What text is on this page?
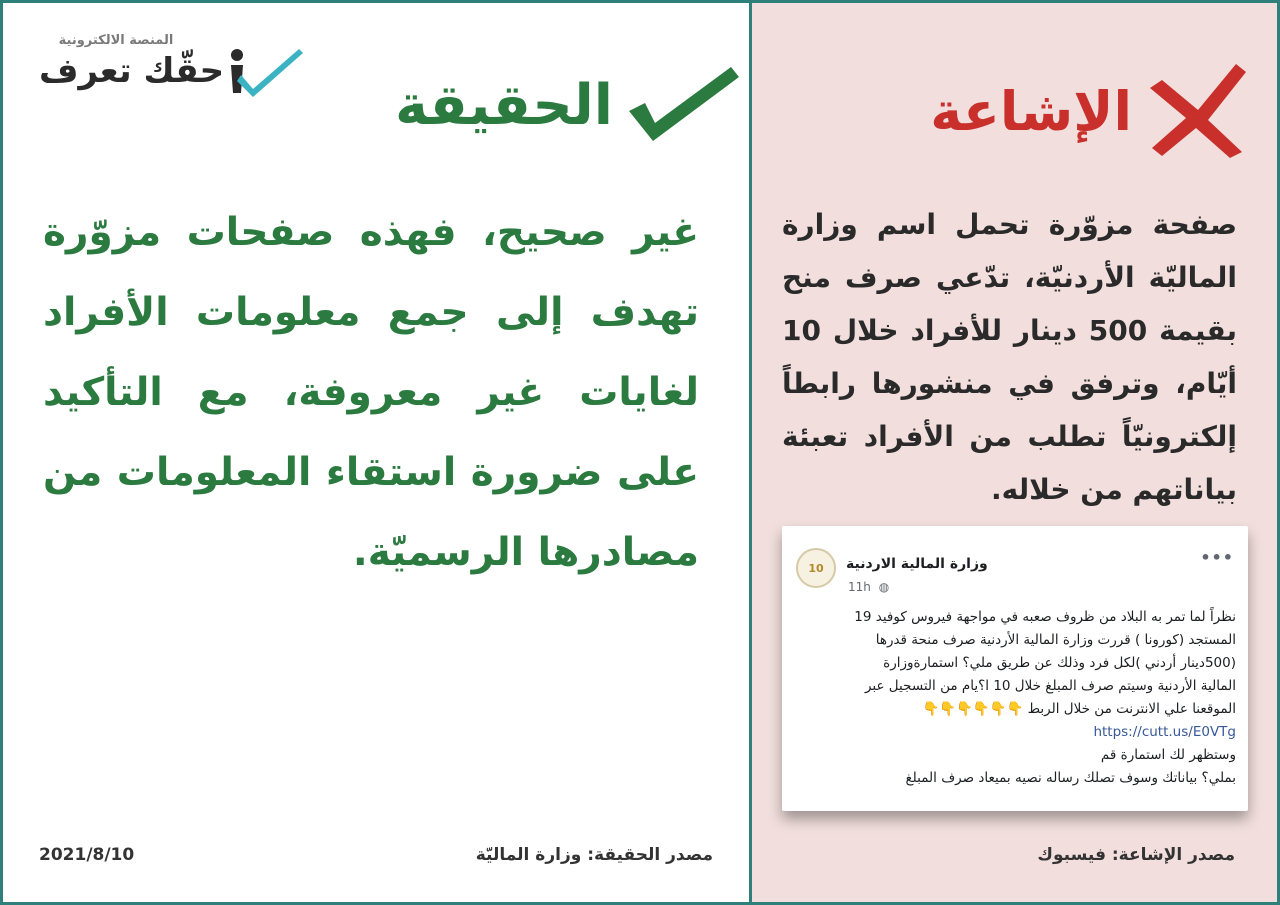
المنصة الالكترونية
حقّك تعرف
الحقيقة
غير صحيح، فهذه صفحات مزوّرة تهدف إلى جمع معلومات الأفراد لغايات غير معروفة، مع التأكيد على ضرورة استقاء المعلومات من مصادرها الرسميّة.
مصدر الحقيقة: وزارة الماليّة
2021/8/10
الإشاعة
صفحة مزوّرة تحمل اسم وزارة الماليّة الأردنيّة، تدّعي صرف منح بقيمة 500 دينار للأفراد خلال 10 أيّام، وترفق في منشورها رابطاً إلكترونيّاً تطلب من الأفراد تعبئة بياناتهم من خلاله.
10	وزارة المالية الاردنية
11h ◍
•••

نظراً لما تمر به البلاد من ظروف صعبه في مواجهة فيروس كوفيد 19

المستجد (كورونا ) قررت وزارة المالية الأردنية صرف منحة قدرها

(500دينار أردني )لكل فرد وذلك عن طريق ملي؟ استمارةوزارة

المالية الأردنية وسيتم صرف المبلغ خلال 10 ا؟يام من التسجيل عبر

الموقعنا علي الانترنت من خلال الربط 👇👇👇👇👇👇

https://cutt.us/E0VTg

وستظهر لك استمارة قم

بملي؟ بياناتك وسوف تصلك رساله نصيه بميعاد صرف المبلغ

مصدر الإشاعة: فيسبوك
